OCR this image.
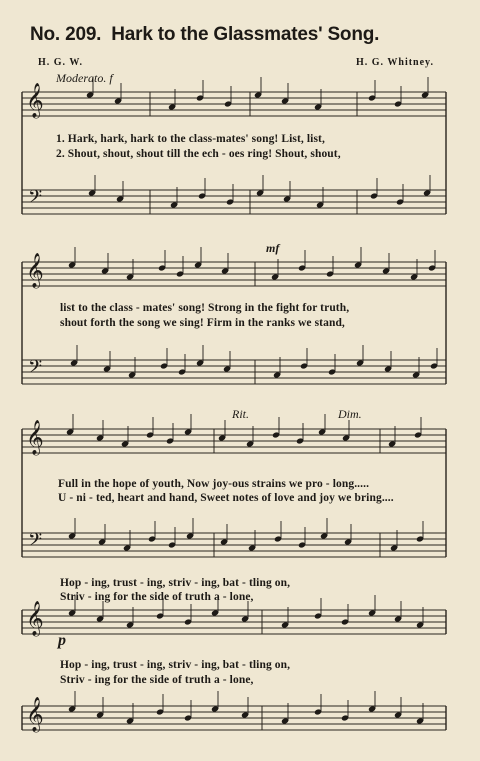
No. 209. Hark to the Glassmates' Song.
H. G. W.	H. G. Whitney.
Moderato. f
mf
Rit.	Dim.
p
1. Hark, hark, hark to the class-mates' song! List, list,
2. Shout, shout, shout till the ech - oes ring! Shout, shout,
list to the class - mates' song! Strong in the fight for truth,
shout forth the song we sing! Firm in the ranks we stand,
Full in the hope of youth, Now joy-ous strains we pro - long.....
U - ni - ted, heart and hand, Sweet notes of love and joy we bring....
Hop - ing, trust - ing, striv - ing, bat - tling on,
Striv - ing for the side of truth a - lone,
Hop - ing, trust - ing, striv - ing, bat - tling on,
Striv - ing for the side of truth a - lone,
𝄞
𝄢
𝄞
𝄢
𝄞
𝄢
𝄞
𝄞
